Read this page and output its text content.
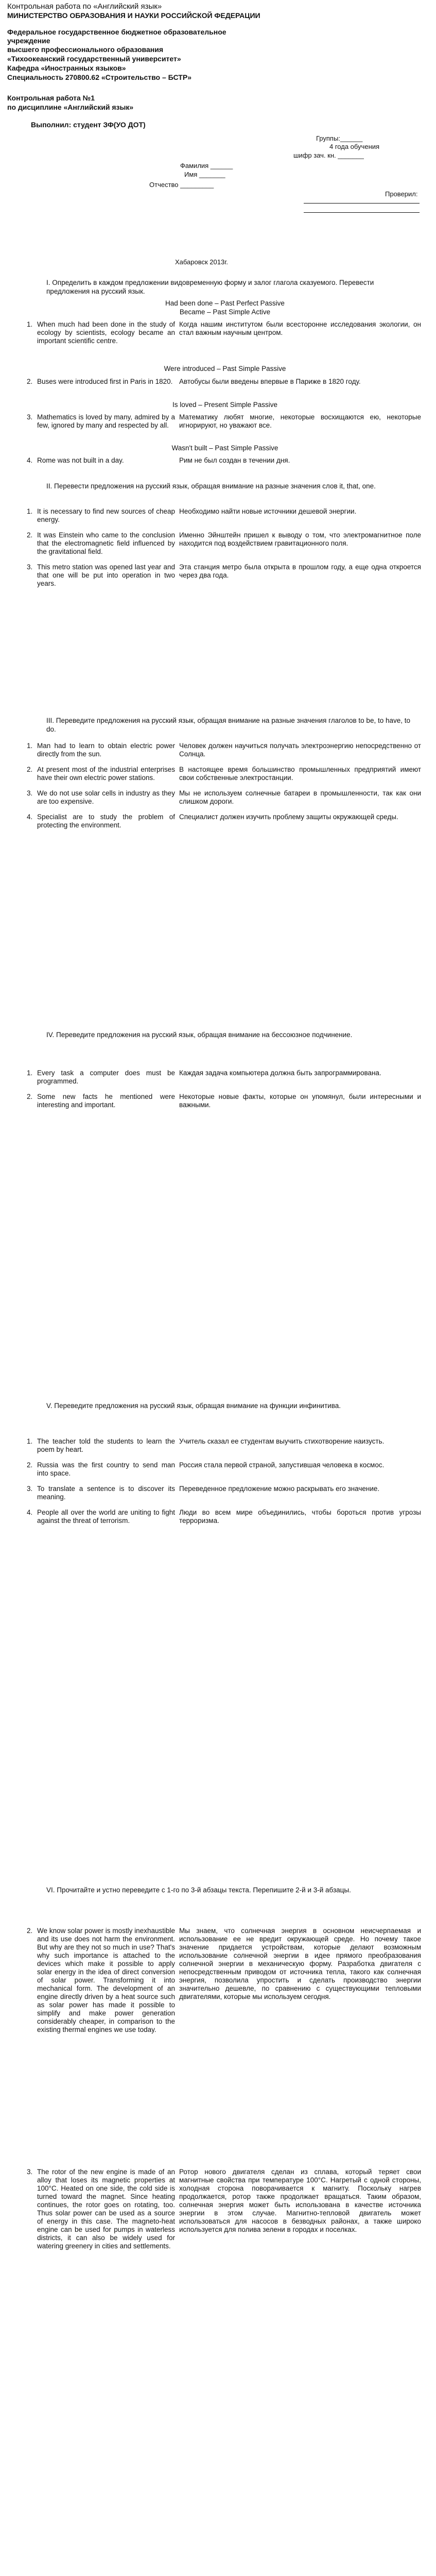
Контрольная работа по «Английский язык»
МИНИСТЕРСТВО ОБРАЗОВАНИЯ И НАУКИ РОССИЙСКОЙ ФЕДЕРАЦИИ
Федеральное государственное бюджетное образовательное учреждение
высшего профессионального образования
«Тихоокеанский государственный университет»
Кафедра «Иностранных языков»
Специальность 270800.62 «Строительство – БСТР»
Контрольная работа №1
по дисциплине «Английский язык»
Выполнил: студент ЗФ(УО ДОТ)
Группы:______
4 года обучения
шифр зач. кн. _______
Фамилия ______
Имя _______
Отчество _________
Проверил:
Хабаровск 2013г.
I. Определить в каждом предложении видовременную форму и залог глагола сказуемого. Перевести предложения на русский язык.
Had been done – Past Perfect Passive
Became – Past Simple Active
1. When much had been done in the study of ecology by scientists, ecology became an important scientific centre.
Когда нашим институтом были всесторонне исследования экологии, он стал важным научным центром.
Were introduced – Past Simple Passive
2. Buses were introduced first in Paris in 1820. Автобусы были введены впервые в Париже в 1820 году.
Is loved – Present Simple Passive
3. Mathematics is loved by many, admired by a few, ignored by many and respected by all.
Математику любят многие, некоторые восхищаются ею, некоторые игнорируют, но уважают все.
Wasn't built – Past Simple Passive
4. Rome was not built in a day.	Рим не был создан в течении дня.
II. Перевести предложения на русский язык, обращая внимание на разные значения слов it, that, one.
1. It is necessary to find new sources of cheap energy.
Необходимо найти новые источники дешевой энергии.
2. It was Einstein who came to the conclusion that the electromagnetic field influenced by the gravitational field.
Именно Эйнштейн пришел к выводу о том, что электромагнитное поле находится под воздействием гравитационного поля.
3. This metro station was opened last year and that one will be put into operation in two years.
Эта станция метро была открыта в прошлом году, а еще одна откроется через два года.
III. Переведите предложения на русский язык, обращая внимание на разные значения глаголов to be, to have, to do.
1. Man had to learn to obtain electric power directly from the sun.
Человек должен научиться получать электроэнергию непосредственно от Солнца.
2. At present most of the industrial enterprises have their own electric power stations.
В настоящее время большинство промышленных предприятий имеют свои собственные электростанции.
3. We do not use solar cells in industry as they are too expensive.
Мы не используем солнечные батареи в промышленности, так как они слишком дороги.
4. Specialist are to study the problem of protecting the environment.
Специалист должен изучить проблему защиты окружающей среды.
IV. Переведите предложения на русский язык, обращая внимание на бессоюзное подчинение.
1. Every task a computer does must be programmed.
Каждая задача компьютера должна быть запрограммирована.
2. Some new facts he mentioned were interesting and important.
Некоторые новые факты, которые он упомянул, были интересными и важными.
V. Переведите предложения на русский язык, обращая внимание на функции инфинитива.
1. The teacher told the students to learn the poem by heart.
Учитель сказал ее студентам выучить стихотворение наизусть.
2. Russia was the first country to send man into space.
Россия стала первой страной, запустившая человека в космос.
3. To translate a sentence is to discover its meaning.
Переведенное предложение можно раскрывать его значение.
4. People all over the world are uniting to fight against the threat of terrorism.
Люди во всем мире объединились, чтобы бороться против угрозы терроризма.
VI. Прочитайте и устно переведите с 1-го по 3-й абзацы текста. Перепишите 2-й и 3-й абзацы.
2. We know solar power is mostly inexhaustible and its use does not harm the environment. But why are they not so much in use? That's why such importance is attached to the devices which make it possible to apply solar energy in the idea of direct conversion of solar power. Transforming it into mechanical form. The development of an engine directly driven by a heat source such as solar power has made it possible to simplify and make power generation considerably cheaper, in comparison to the existing thermal engines we use today.
Мы знаем, что солнечная энергия в основном неисчерпаемая и использование ее не вредит окружающей среде. Но почему такое значение придается устройствам, которые делают возможным использование солнечной энергии в идее прямого преобразования солнечной энергии в механическую форму. Разработка двигателя с непосредственным приводом от источника тепла, такого как солнечная энергия, позволила упростить и сделать производство энергии значительно дешевле, по сравнению с существующими тепловыми двигателями, которые мы используем сегодня.
3. The rotor of the new engine is made of an alloy that loses its magnetic properties at 100°C. Heated on one side, the cold side is turned toward the magnet. Since heating continues, the rotor goes on rotating, too. Thus solar power can be used as a source of energy in this case. The magneto-heat engine can be used for pumps in waterless districts, it can also be widely used for watering greenery in cities and settlements.
Ротор нового двигателя сделан из сплава, который теряет свои магнитные свойства при температуре 100°C. Нагретый с одной стороны, холодная сторона поворачивается к магниту. Поскольку нагрев продолжается, ротор также продолжает вращаться. Таким образом, солнечная энергия может быть использована в качестве источника энергии в этом случае. Магнитно-тепловой двигатель может использоваться для насосов в безводных районах, а также широко используется для полива зелени в городах и поселках.
